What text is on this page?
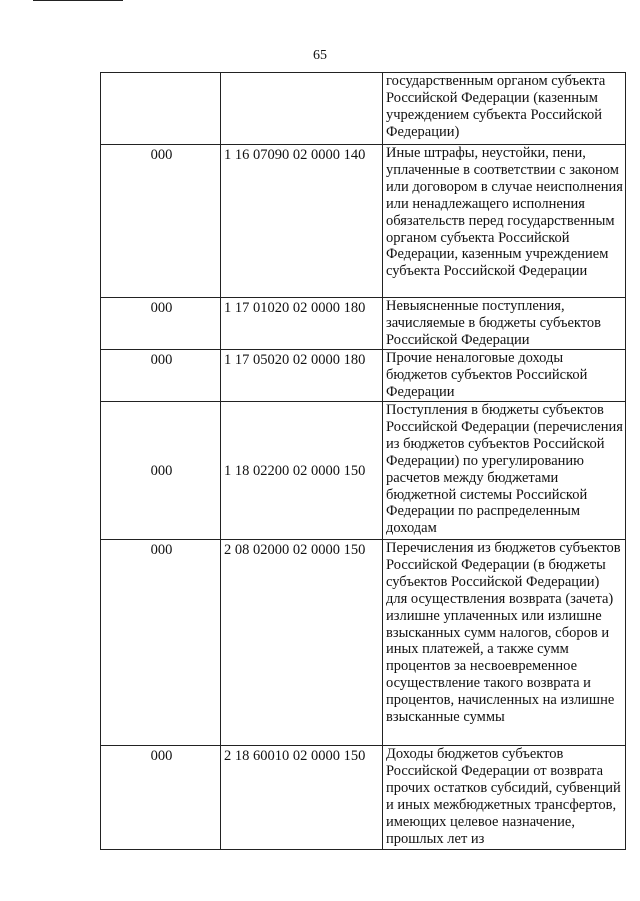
65
		государственным органом субъекта Российской Федерации (казенным учреждением субъекта Российской Федерации)
000	1 16 07090 02 0000 140	Иные штрафы, неустойки, пени, уплаченные в соответствии с законом или договором в случае неисполнения или ненадлежащего исполнения обязательств перед государственным органом субъекта Российской Федерации, казенным учреждением субъекта Российской Федерации
000	1 17 01020 02 0000 180	Невыясненные поступления, зачисляемые в бюджеты субъектов Российской Федерации
000	1 17 05020 02 0000 180	Прочие неналоговые доходы бюджетов субъектов Российской Федерации
000	1 18 02200 02 0000 150	Поступления в бюджеты субъектов Российской Федерации (перечисления из бюджетов субъектов Российской Федерации) по урегулированию расчетов между бюджетами бюджетной системы Российской Федерации по распределенным доходам
000	2 08 02000 02 0000 150	Перечисления из бюджетов субъектов Российской Федерации (в бюджеты субъектов Российской Федерации) для осуществления возврата (зачета) излишне уплаченных или излишне взысканных сумм налогов, сборов и иных платежей, а также сумм процентов за несвоевременное осуществление такого возврата и процентов, начисленных на излишне взысканные суммы
000	2 18 60010 02 0000 150	Доходы бюджетов субъектов Российской Федерации от возврата прочих остатков субсидий, субвенций и иных межбюджетных трансфертов, имеющих целевое назначение, прошлых лет из
